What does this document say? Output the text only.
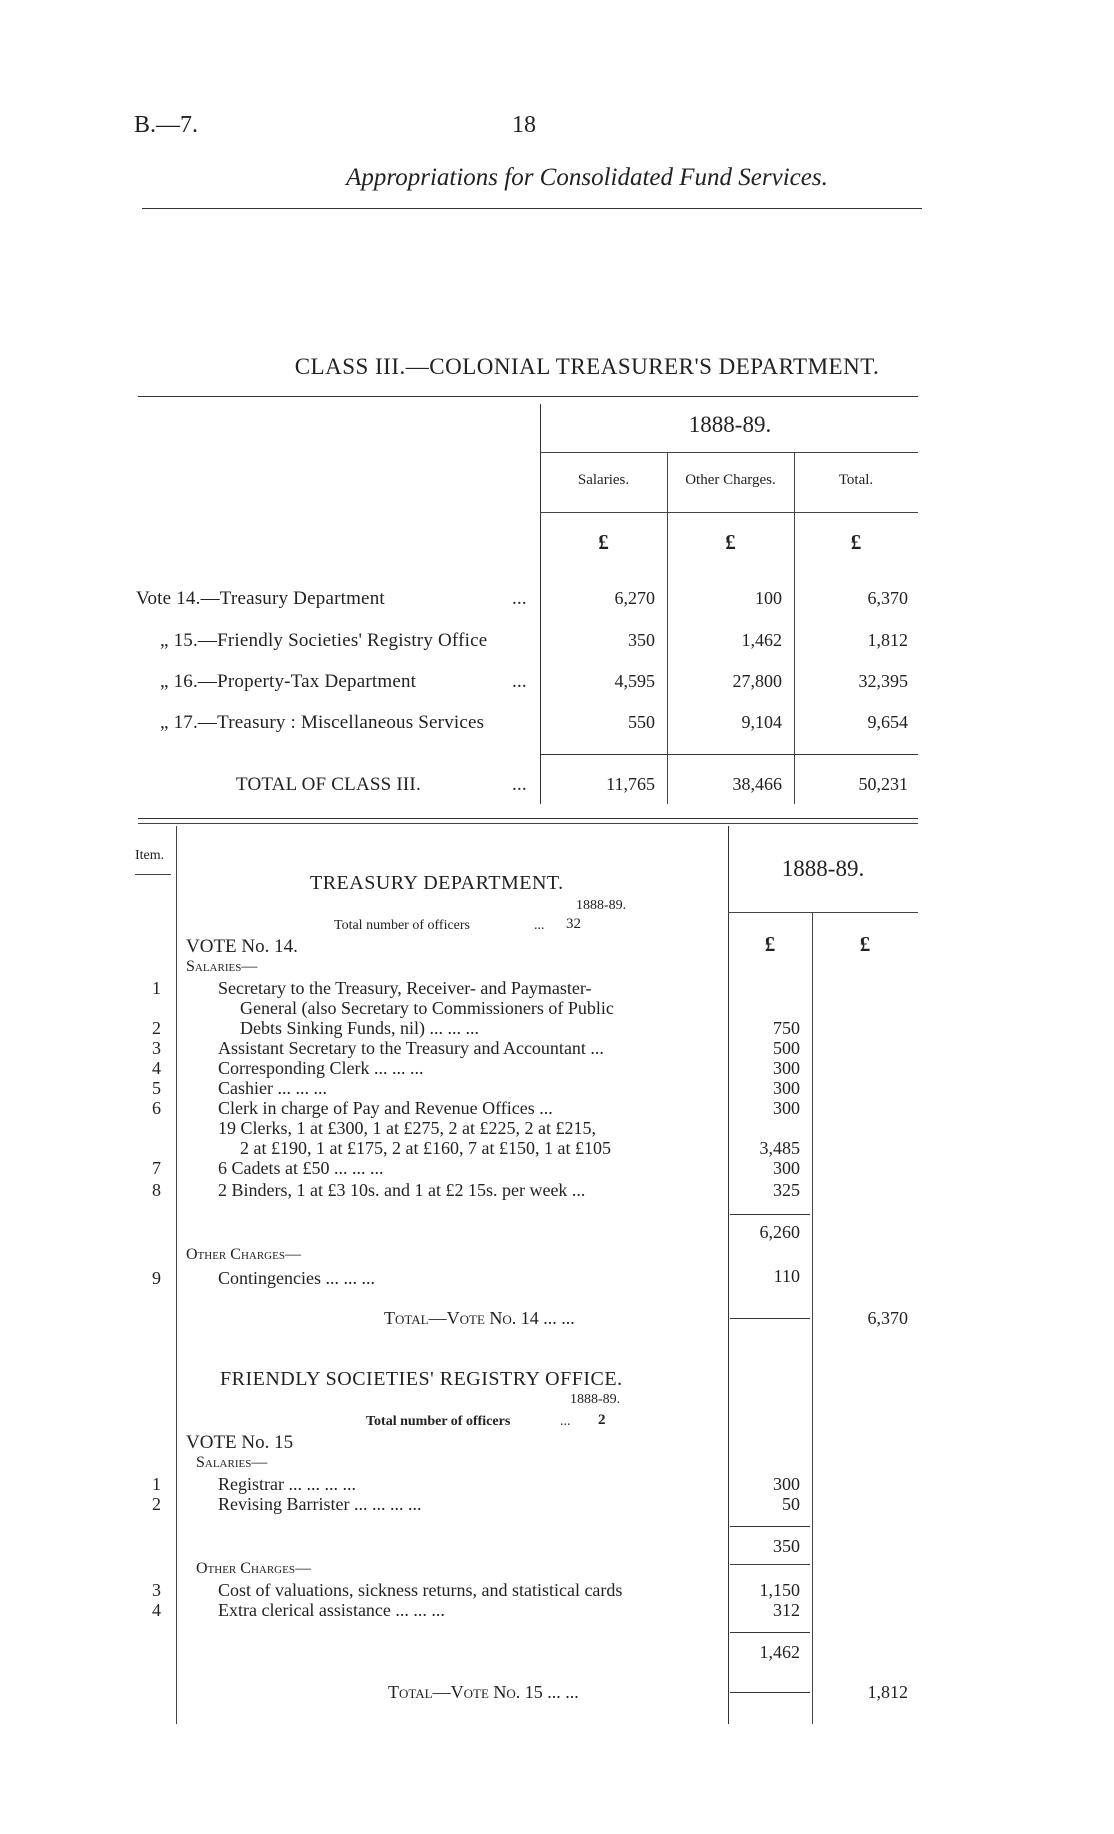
B.—7.	18
Appropriations for Consolidated Fund Services.
CLASS III.—COLONIAL TREASURER'S DEPARTMENT.
1888-89.
Salaries.	Other Charges.	Total.
£	£	£
Vote 14.—Treasury Department	...	6,270	100	6,370
„ 15.—Friendly Societies' Registry Office	350	1,462	1,812
„ 16.—Property-Tax Department	...	4,595	27,800	32,395
„ 17.—Treasury : Miscellaneous Services	550	9,104	9,654
TOTAL OF CLASS III.	...	11,765	38,466	50,231
Item.
1888-89.
£	£
TREASURY DEPARTMENT.
1888-89.
Total number of officers	... 32
VOTE No. 14.
Salaries—
1	Secretary to the Treasury, Receiver- and Paymaster-
General (also Secretary to Commissioners of Public
2	Debts Sinking Funds, nil) ... ... ...	750
3	Assistant Secretary to the Treasury and Accountant ...	500
4	Corresponding Clerk ... ... ...	300
5	Cashier ... ... ...	300
6	Clerk in charge of Pay and Revenue Offices ...	300
19 Clerks, 1 at £300, 1 at £275, 2 at £225, 2 at £215,
2 at £190, 1 at £175, 2 at £160, 7 at £150, 1 at £105	3,485
7	6 Cadets at £50 ... ... ...	300
8	2 Binders, 1 at £3 10s. and 1 at £2 15s. per week ...	325
6,260
Other Charges—
9	Contingencies ... ... ...	110
Total—Vote No. 14 ... ...	6,370
FRIENDLY SOCIETIES' REGISTRY OFFICE.
1888-89.
Total number of officers	... 2
VOTE No. 15
Salaries—
1	Registrar ... ... ... ...	300
2	Revising Barrister ... ... ... ...	50
350
Other Charges—
3	Cost of valuations, sickness returns, and statistical cards	1,150
4	Extra clerical assistance ... ... ...	312
1,462
Total—Vote No. 15 ... ...	1,812
